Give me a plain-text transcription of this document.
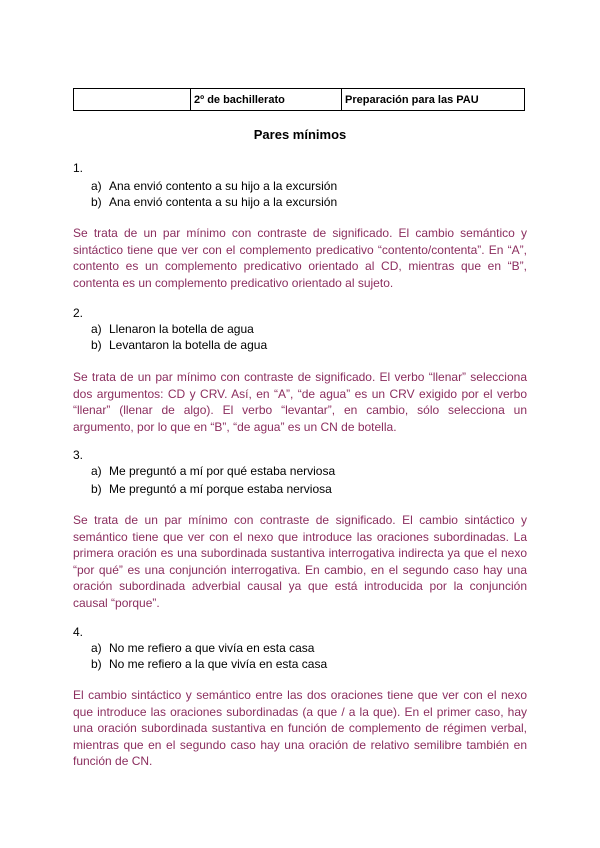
	2º de bachillerato	Preparación para las PAU
Pares mínimos
1.
a) Ana envió contento a su hijo a la excursión
b) Ana envió contenta a su hijo a la excursión
Se trata de un par mínimo con contraste de significado. El cambio semántico y sintáctico tiene que ver con el complemento predicativo “contento/contenta”. En “A”, contento es un complemento predicativo orientado al CD, mientras que en “B”, contenta es un complemento predicativo orientado al sujeto.
2.
a) Llenaron la botella de agua
b) Levantaron la botella de agua
Se trata de un par mínimo con contraste de significado. El verbo “llenar” selecciona dos argumentos: CD y CRV. Así, en “A”, “de agua” es un CRV exigido por el verbo “llenar” (llenar de algo). El verbo “levantar”, en cambio, sólo selecciona un argumento, por lo que en “B”, “de agua” es un CN de botella.
3.
a) Me preguntó a mí por qué estaba nerviosa
b) Me preguntó a mí porque estaba nerviosa
Se trata de un par mínimo con contraste de significado. El cambio sintáctico y semántico tiene que ver con el nexo que introduce las oraciones subordinadas. La primera oración es una subordinada sustantiva interrogativa indirecta ya que el nexo “por qué” es una conjunción interrogativa. En cambio, en el segundo caso hay una oración subordinada adverbial causal ya que está introducida por la conjunción causal “porque”.
4.
a) No me refiero a que vivía en esta casa
b) No me refiero a la que vivía en esta casa
El cambio sintáctico y semántico entre las dos oraciones tiene que ver con el nexo que introduce las oraciones subordinadas (a que / a la que). En el primer caso, hay una oración subordinada sustantiva en función de complemento de régimen verbal, mientras que en el segundo caso hay una oración de relativo semilibre también en función de CN.
